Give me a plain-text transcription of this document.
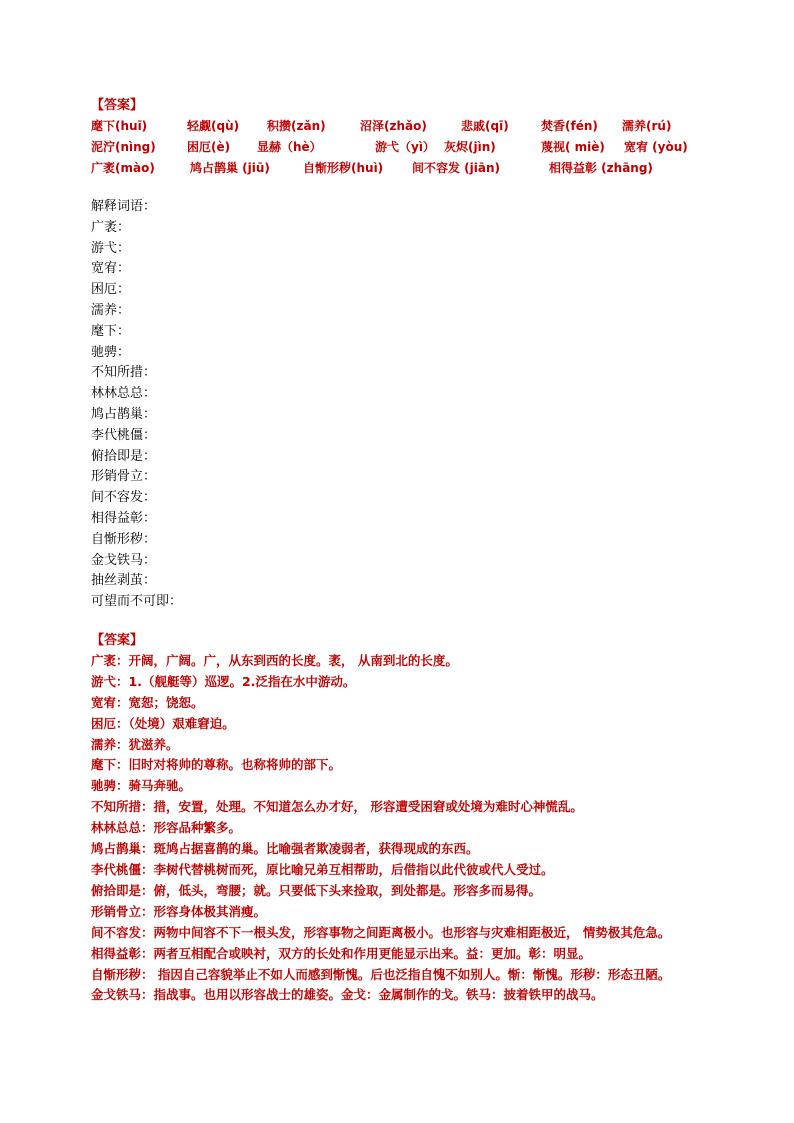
【答案】
麾下(huī)	轻觑(qù) 积攒(zǎn)	沼泽(zhǎo)	悲戚(qī)	焚香(fén) 濡养(rú)
泥泞(nìng)	困厄(è) 显赫（hè）	游弋（yì） 灰烬(jìn)	蔑视( miè) 宽宥 (yòu)
广袤(mào)	鸠占鹊巢 (jiū)	自惭形秽(huì) 间不容发 (jiān)	相得益彰 (zhāng)
解释词语：
广袤：
游弋：
宽宥：
困厄：
濡养：
麾下：
驰骋：
不知所措：
林林总总：
鸠占鹊巢：
李代桃僵：
俯拾即是：
形销骨立：
间不容发：
相得益彰：
自惭形秽：
金戈铁马：
抽丝剥茧：
可望而不可即：
【答案】
广袤：开阔，广阔。广，从东到西的长度。袤， 从南到北的长度。
游弋：1.（舰艇等）巡逻。2.泛指在水中游动。
宽宥：宽恕；饶恕。
困厄：（处境）艰难窘迫。
濡养：犹滋养。
麾下：旧时对将帅的尊称。也称将帅的部下。
驰骋：骑马奔驰。
不知所措：措，安置，处理。不知道怎么办才好， 形容遭受困窘或处境为难时心神慌乱。
林林总总：形容品种繁多。
鸠占鹊巢：斑鸠占据喜鹊的巢。比喻强者欺凌弱者，获得现成的东西。
李代桃僵：李树代替桃树而死，原比喻兄弟互相帮助，后借指以此代彼或代人受过。
俯拾即是：俯，低头，弯腰；就。只要低下头来捡取，到处都是。形容多而易得。
形销骨立：形容身体极其消瘦。
间不容发：两物中间容不下一根头发，形容事物之间距离极小。也形容与灾难相距极近， 情势极其危急。
相得益彰：两者互相配合或映衬，双方的长处和作用更能显示出来。益：更加。彰：明显。
自惭形秽： 指因自己容貌举止不如人而感到惭愧。后也泛指自愧不如别人。惭：惭愧。形秽：形态丑陋。
金戈铁马：指战事。也用以形容战士的雄姿。金戈：金属制作的戈。铁马：披着铁甲的战马。
